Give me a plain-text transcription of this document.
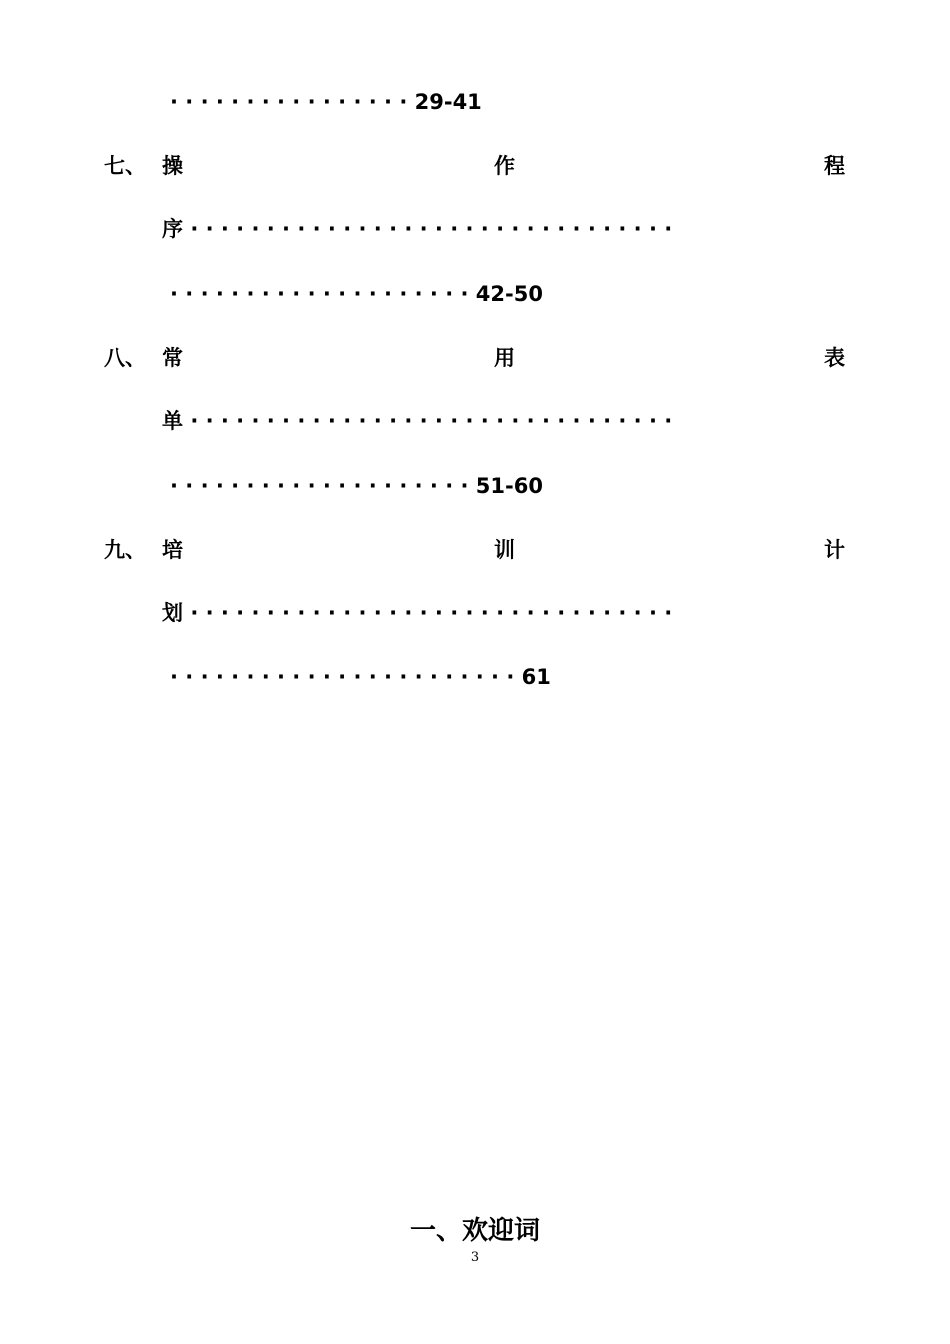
· · · · · · · · · · · · · · · · 29-41
七、 操	作	程
序 · · · · · · · · · · · · · · · · · · · · · · · · · · · · · · · ·
· · · · · · · · · · · · · · · · · · · · 42-50
八、 常	用	表
单 · · · · · · · · · · · · · · · · · · · · · · · · · · · · · · · ·
· · · · · · · · · · · · · · · · · · · · 51-60
九、 培	训	计
划 · · · · · · · · · · · · · · · · · · · · · · · · · · · · · · · ·
· · · · · · · · · · · · · · · · · · · · · · · 61
一、欢迎词
3
